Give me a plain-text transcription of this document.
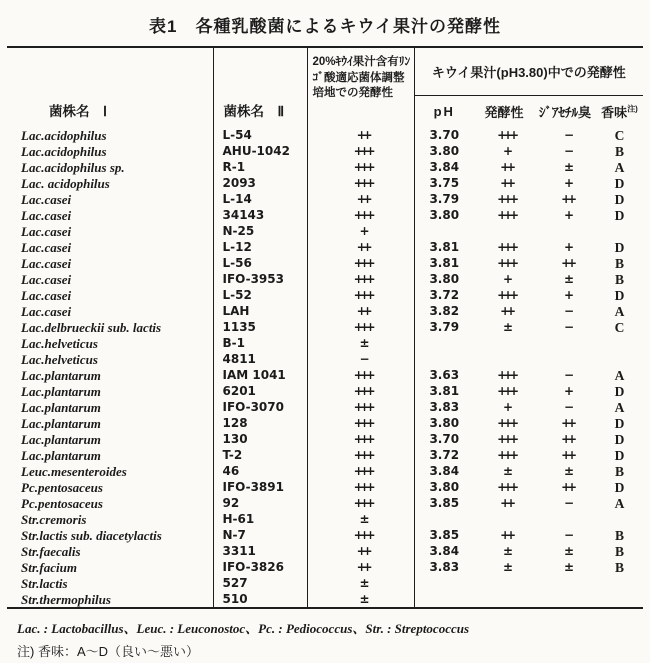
表1　各種乳酸菌によるキウイ果汁の発酵性
菌株名　Ⅰ	菌株名　Ⅱ	20%ｷｳｲ果汁含有ﾘﾝｺﾞ酸適応菌体調整培地での発酵性	キウイ果汁(pH3.80)中での発酵性			
			pH	発酵性	ｼﾞｱｾﾁﾙ臭	香味$^{注)}$
Lac.acidophilus	L-54	++	3.70	+++	−	C
Lac.acidophilus	AHU-1042	+++	3.80	+	−	B
Lac.acidophilus sp.	R-1	+++	3.84	++	±	A
Lac. acidophilus	2093	+++	3.75	++	+	D
Lac.casei	L-14	++	3.79	+++	++	D
Lac.casei	34143	+++	3.80	+++	+	D
Lac.casei	N-25	+				
Lac.casei	L-12	++	3.81	+++	+	D
Lac.casei	L-56	+++	3.81	+++	++	B
Lac.casei	IFO-3953	+++	3.80	+	±	B
Lac.casei	L-52	+++	3.72	+++	+	D
Lac.casei	LAH	++	3.82	++	−	A
Lac.delbrueckii sub. lactis	1135	+++	3.79	±	−	C
Lac.helveticus	B-1	±				
Lac.helveticus	4811	−				
Lac.plantarum	IAM 1041	+++	3.63	+++	−	A
Lac.plantarum	6201	+++	3.81	+++	+	D
Lac.plantarum	IFO-3070	+++	3.83	+	−	A
Lac.plantarum	128	+++	3.80	+++	++	D
Lac.plantarum	130	+++	3.70	+++	++	D
Lac.plantarum	T-2	+++	3.72	+++	++	D
Leuc.mesenteroides	46	+++	3.84	±	±	B
Pc.pentosaceus	IFO-3891	+++	3.80	+++	++	D
Pc.pentosaceus	92	+++	3.85	++	−	A
Str.cremoris	H-61	±				
Str.lactis sub. diacetylactis	N-7	+++	3.85	++	−	B
Str.faecalis	3311	++	3.84	±	±	B
Str.facium	IFO-3826	++	3.83	±	±	B
Str.lactis	527	±				
Str.thermophilus	510	±				
Lac. : Lactobacillus、Leuc. : Leuconostoc、Pc. : Pediococcus、Str. : Streptococcus
注) 香味：A～D（良い～悪い）
